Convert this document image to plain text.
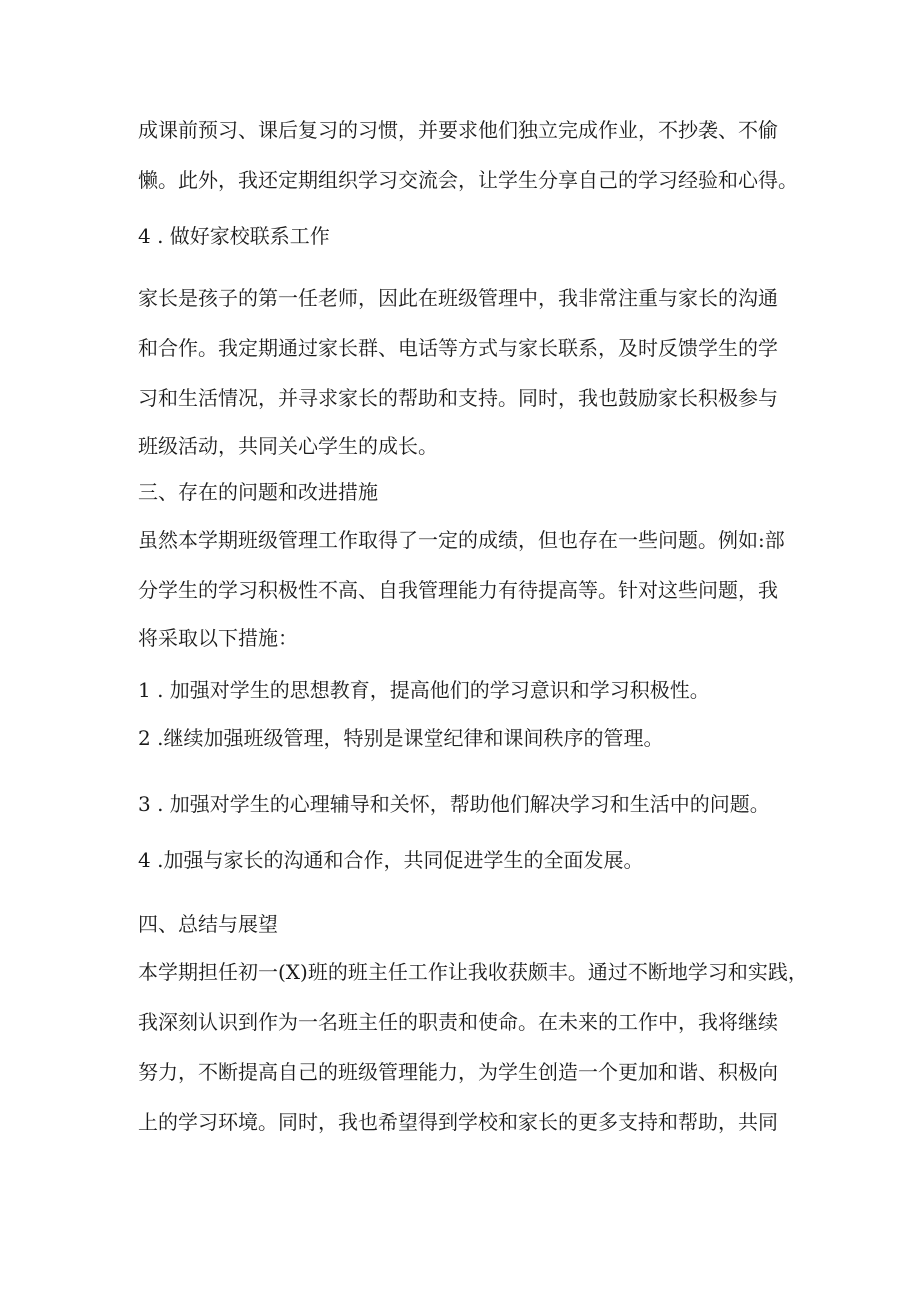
成课前预习、课后复习的习惯，并要求他们独立完成作业，不抄袭、不偷

懒。此外，我还定期组织学习交流会，让学生分享自己的学习经验和心得。

4 . 做好家校联系工作

家长是孩子的第一任老师，因此在班级管理中，我非常注重与家长的沟通

和合作。我定期通过家长群、电话等方式与家长联系，及时反馈学生的学

习和生活情况，并寻求家长的帮助和支持。同时，我也鼓励家长积极参与

班级活动，共同关心学生的成长。

三、存在的问题和改进措施

虽然本学期班级管理工作取得了一定的成绩，但也存在一些问题。例如:部

分学生的学习积极性不高、自我管理能力有待提高等。针对这些问题，我

将采取以下措施：

1 . 加强对学生的思想教育，提高他们的学习意识和学习积极性。

2 .继续加强班级管理，特别是课堂纪律和课间秩序的管理。

3 . 加强对学生的心理辅导和关怀，帮助他们解决学习和生活中的问题。

4 .加强与家长的沟通和合作，共同促进学生的全面发展。

四、总结与展望

本学期担任初一(X)班的班主任工作让我收获颇丰。通过不断地学习和实践，

我深刻认识到作为一名班主任的职责和使命。在未来的工作中，我将继续

努力，不断提高自己的班级管理能力，为学生创造一个更加和谐、积极向

上的学习环境。同时，我也希望得到学校和家长的更多支持和帮助，共同
